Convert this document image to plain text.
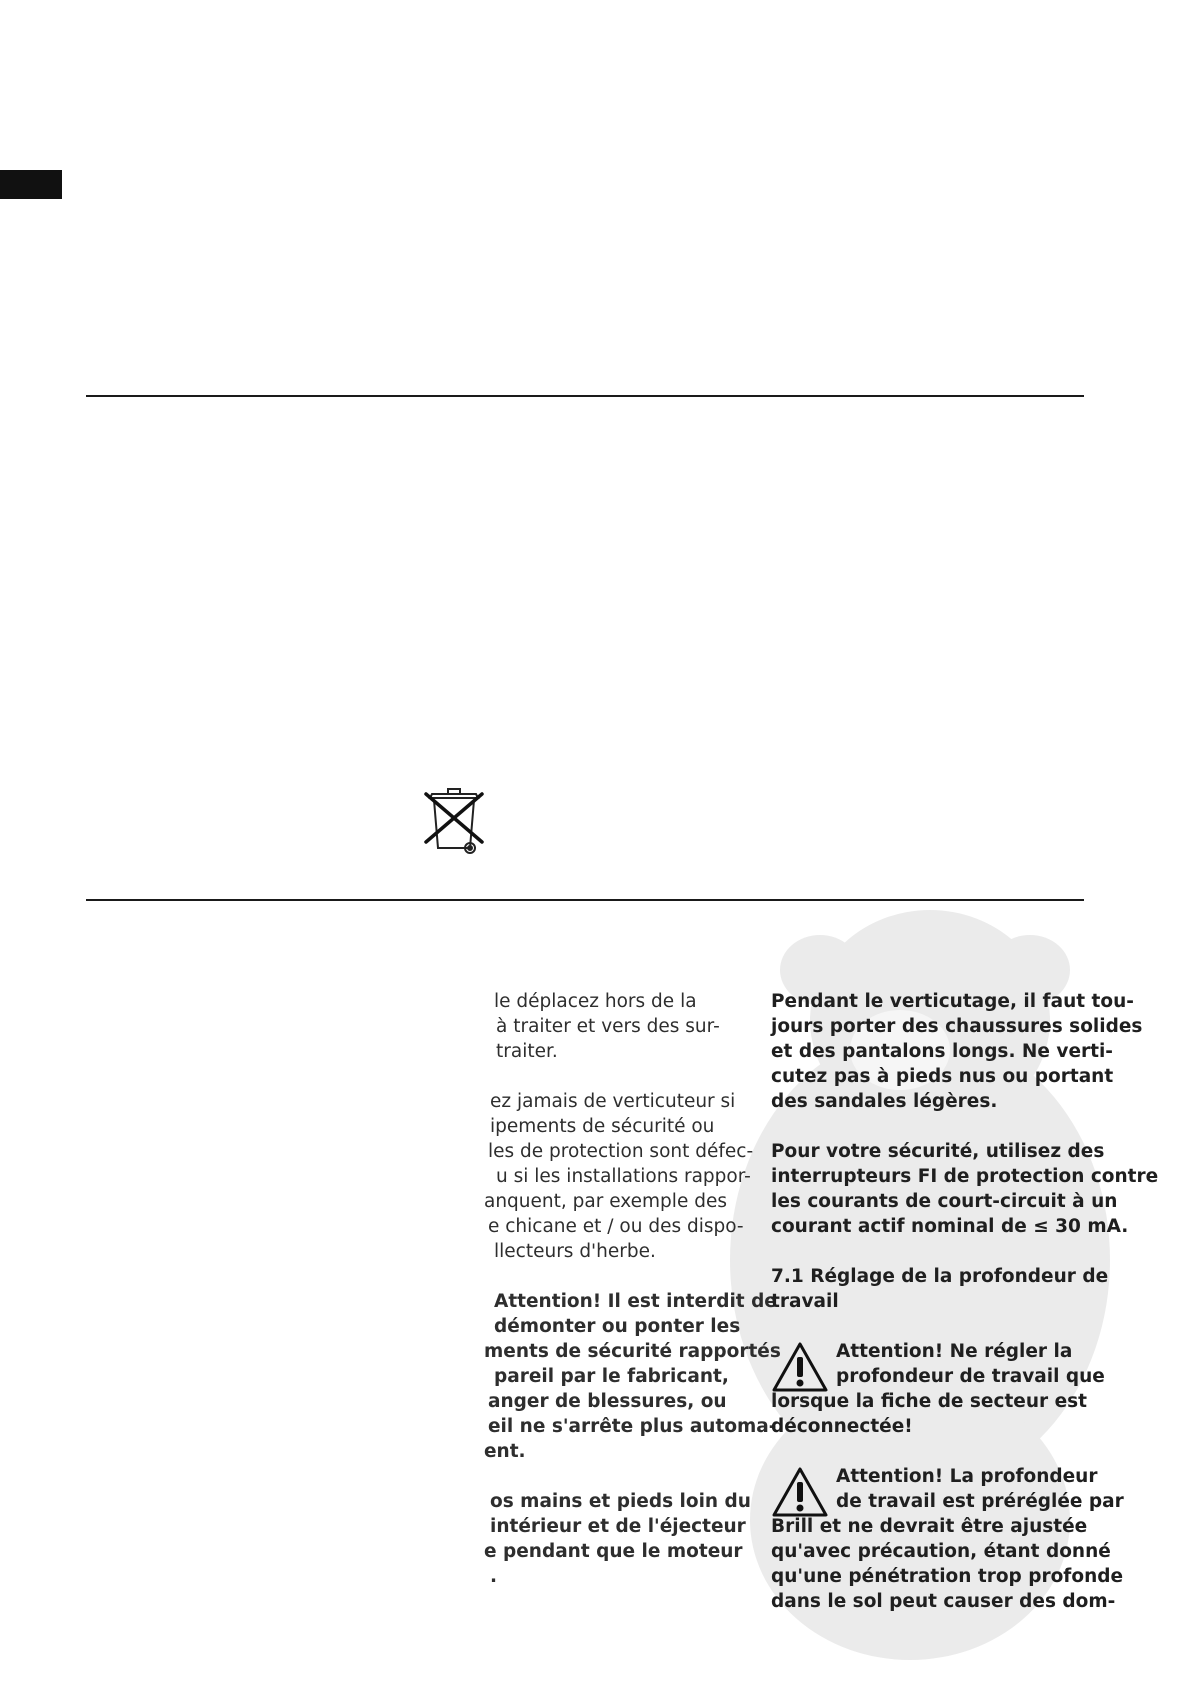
le déplacez hors de la
à traiter et vers des sur-
traiter.
ez jamais de verticuteur si
ipements de sécurité ou
les de protection sont défec-
u si les installations rappor-
anquent, par exemple des
e chicane et / ou des dispo-
llecteurs d'herbe.
Attention! Il est interdit de
démonter ou ponter les
ments de sécurité rapportés
pareil par le fabricant,
anger de blessures, ou
eil ne s'arrête plus automa-
ent.
os mains et pieds loin du
intérieur et de l'éjecteur
e pendant que le moteur
.
Pendant le verticutage, il faut tou-
jours porter des chaussures solides
et des pantalons longs. Ne verti-
cutez pas à pieds nus ou portant
des sandales légères.
Pour votre sécurité, utilisez des
interrupteurs FI de protection contre
les courants de court-circuit à un
courant actif nominal de ≤ 30 mA.
7.1 Réglage de la profondeur de
travail
Attention! Ne régler la
profondeur de travail que
lorsque la fiche de secteur est
déconnectée!
Attention! La profondeur
de travail est préréglée par
Brill et ne devrait être ajustée
qu'avec précaution, étant donné
qu'une pénétration trop profonde
dans le sol peut causer des dom-
